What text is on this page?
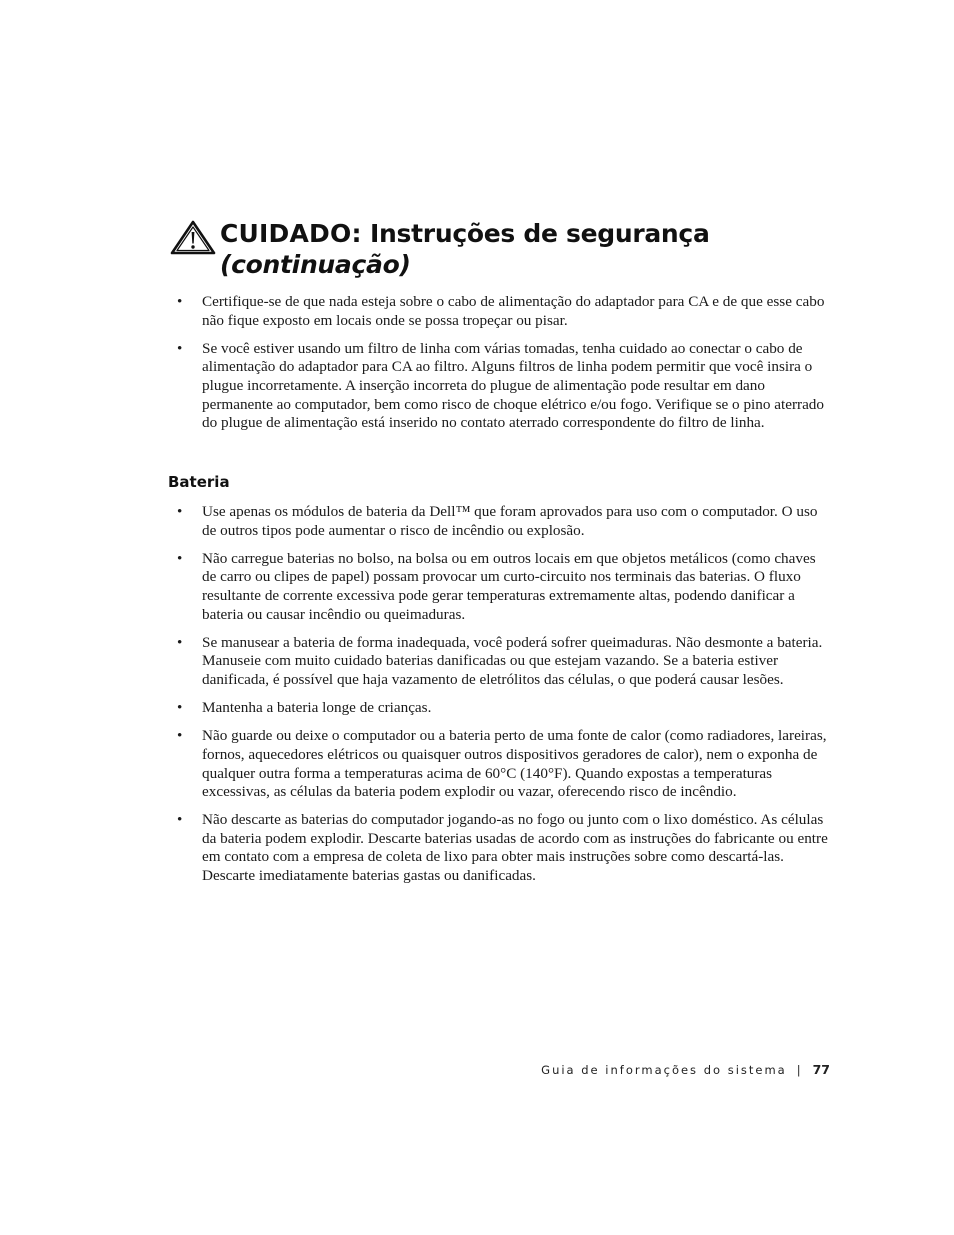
CUIDADO: Instruções de segurança
(continuação)
• Certifique-se de que nada esteja sobre o cabo de alimentação do adaptador para CA e de que esse cabo não fique exposto em locais onde se possa tropeçar ou pisar.
• Se você estiver usando um filtro de linha com várias tomadas, tenha cuidado ao conectar o cabo de alimentação do adaptador para CA ao filtro. Alguns filtros de linha podem permitir que você insira o plugue incorretamente. A inserção incorreta do plugue de alimentação pode resultar em dano permanente ao computador, bem como risco de choque elétrico e/ou fogo. Verifique se o pino aterrado do plugue de alimentação está inserido no contato aterrado correspondente do filtro de linha.
Bateria
• Use apenas os módulos de bateria da Dell™ que foram aprovados para uso com o computador. O uso de outros tipos pode aumentar o risco de incêndio ou explosão.
• Não carregue baterias no bolso, na bolsa ou em outros locais em que objetos metálicos (como chaves de carro ou clipes de papel) possam provocar um curto-circuito nos terminais das baterias. O fluxo resultante de corrente excessiva pode gerar temperaturas extremamente altas, podendo danificar a bateria ou causar incêndio ou queimaduras.
• Se manusear a bateria de forma inadequada, você poderá sofrer queimaduras. Não desmonte a bateria. Manuseie com muito cuidado baterias danificadas ou que estejam vazando. Se a bateria estiver danificada, é possível que haja vazamento de eletrólitos das células, o que poderá causar lesões.
• Mantenha a bateria longe de crianças.
• Não guarde ou deixe o computador ou a bateria perto de uma fonte de calor (como radiadores, lareiras, fornos, aquecedores elétricos ou quaisquer outros dispositivos geradores de calor), nem o exponha de qualquer outra forma a temperaturas acima de 60°C (140°F). Quando expostas a temperaturas excessivas, as células da bateria podem explodir ou vazar, oferecendo risco de incêndio.
• Não descarte as baterias do computador jogando-as no fogo ou junto com o lixo doméstico. As células da bateria podem explodir. Descarte baterias usadas de acordo com as instruções do fabricante ou entre em contato com a empresa de coleta de lixo para obter mais instruções sobre como descartá-las. Descarte imediatamente baterias gastas ou danificadas.
Guia de informações do sistema | 77
